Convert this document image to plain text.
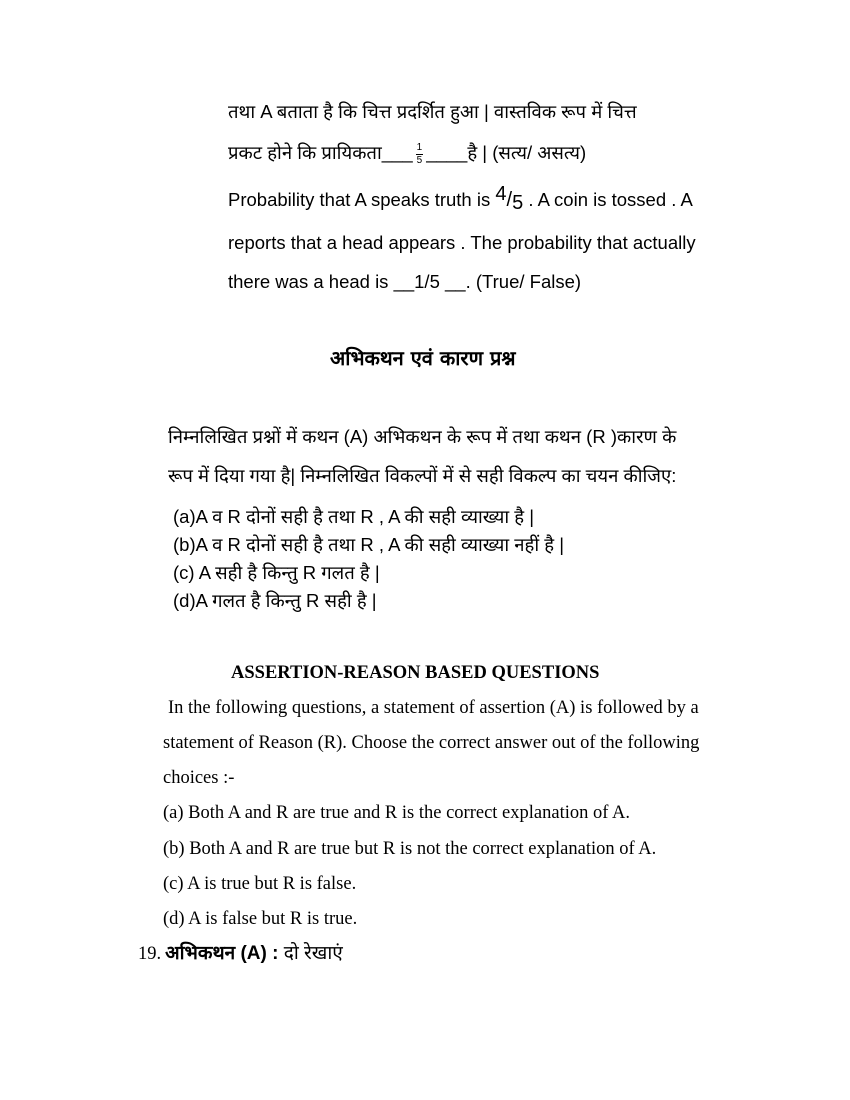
तथा A बताता है कि चित्त प्रदर्शित हुआ | वास्तविक रूप में चित्त
प्रकट होने कि प्रायिकता___ $\frac{1}{5}$ ____है | (सत्य/ असत्य)
Probability that A speaks truth is 4/5 . A coin is tossed . A
reports that a head appears . The probability that actually
there was a head is __1/5 __. (True/ False)
अभिकथन एवं कारण प्रश्न
निम्नलिखित प्रश्नों में कथन (A) अभिकथन के रूप में तथा कथन (R )कारण के
रूप में दिया गया है| निम्नलिखित विकल्पों में से सही विकल्प का चयन कीजिए:
(a)A व R दोनों सही है तथा R , A की सही व्याख्या है |
(b)A व R दोनों सही है तथा R , A की सही व्याख्या नहीं है |
(c) A सही है किन्तु R गलत है |
(d)A गलत है किन्तु R सही है |
ASSERTION-REASON BASED QUESTIONS
In the following questions, a statement of assertion (A) is followed by a
statement of Reason (R). Choose the correct answer out of the following
choices :-
(a) Both A and R are true and R is the correct explanation of A.
(b) Both A and R are true but R is not the correct explanation of A.
(c) A is true but R is false.
(d) A is false but R is true.
19. अभिकथन (A) : दो रेखाएं
